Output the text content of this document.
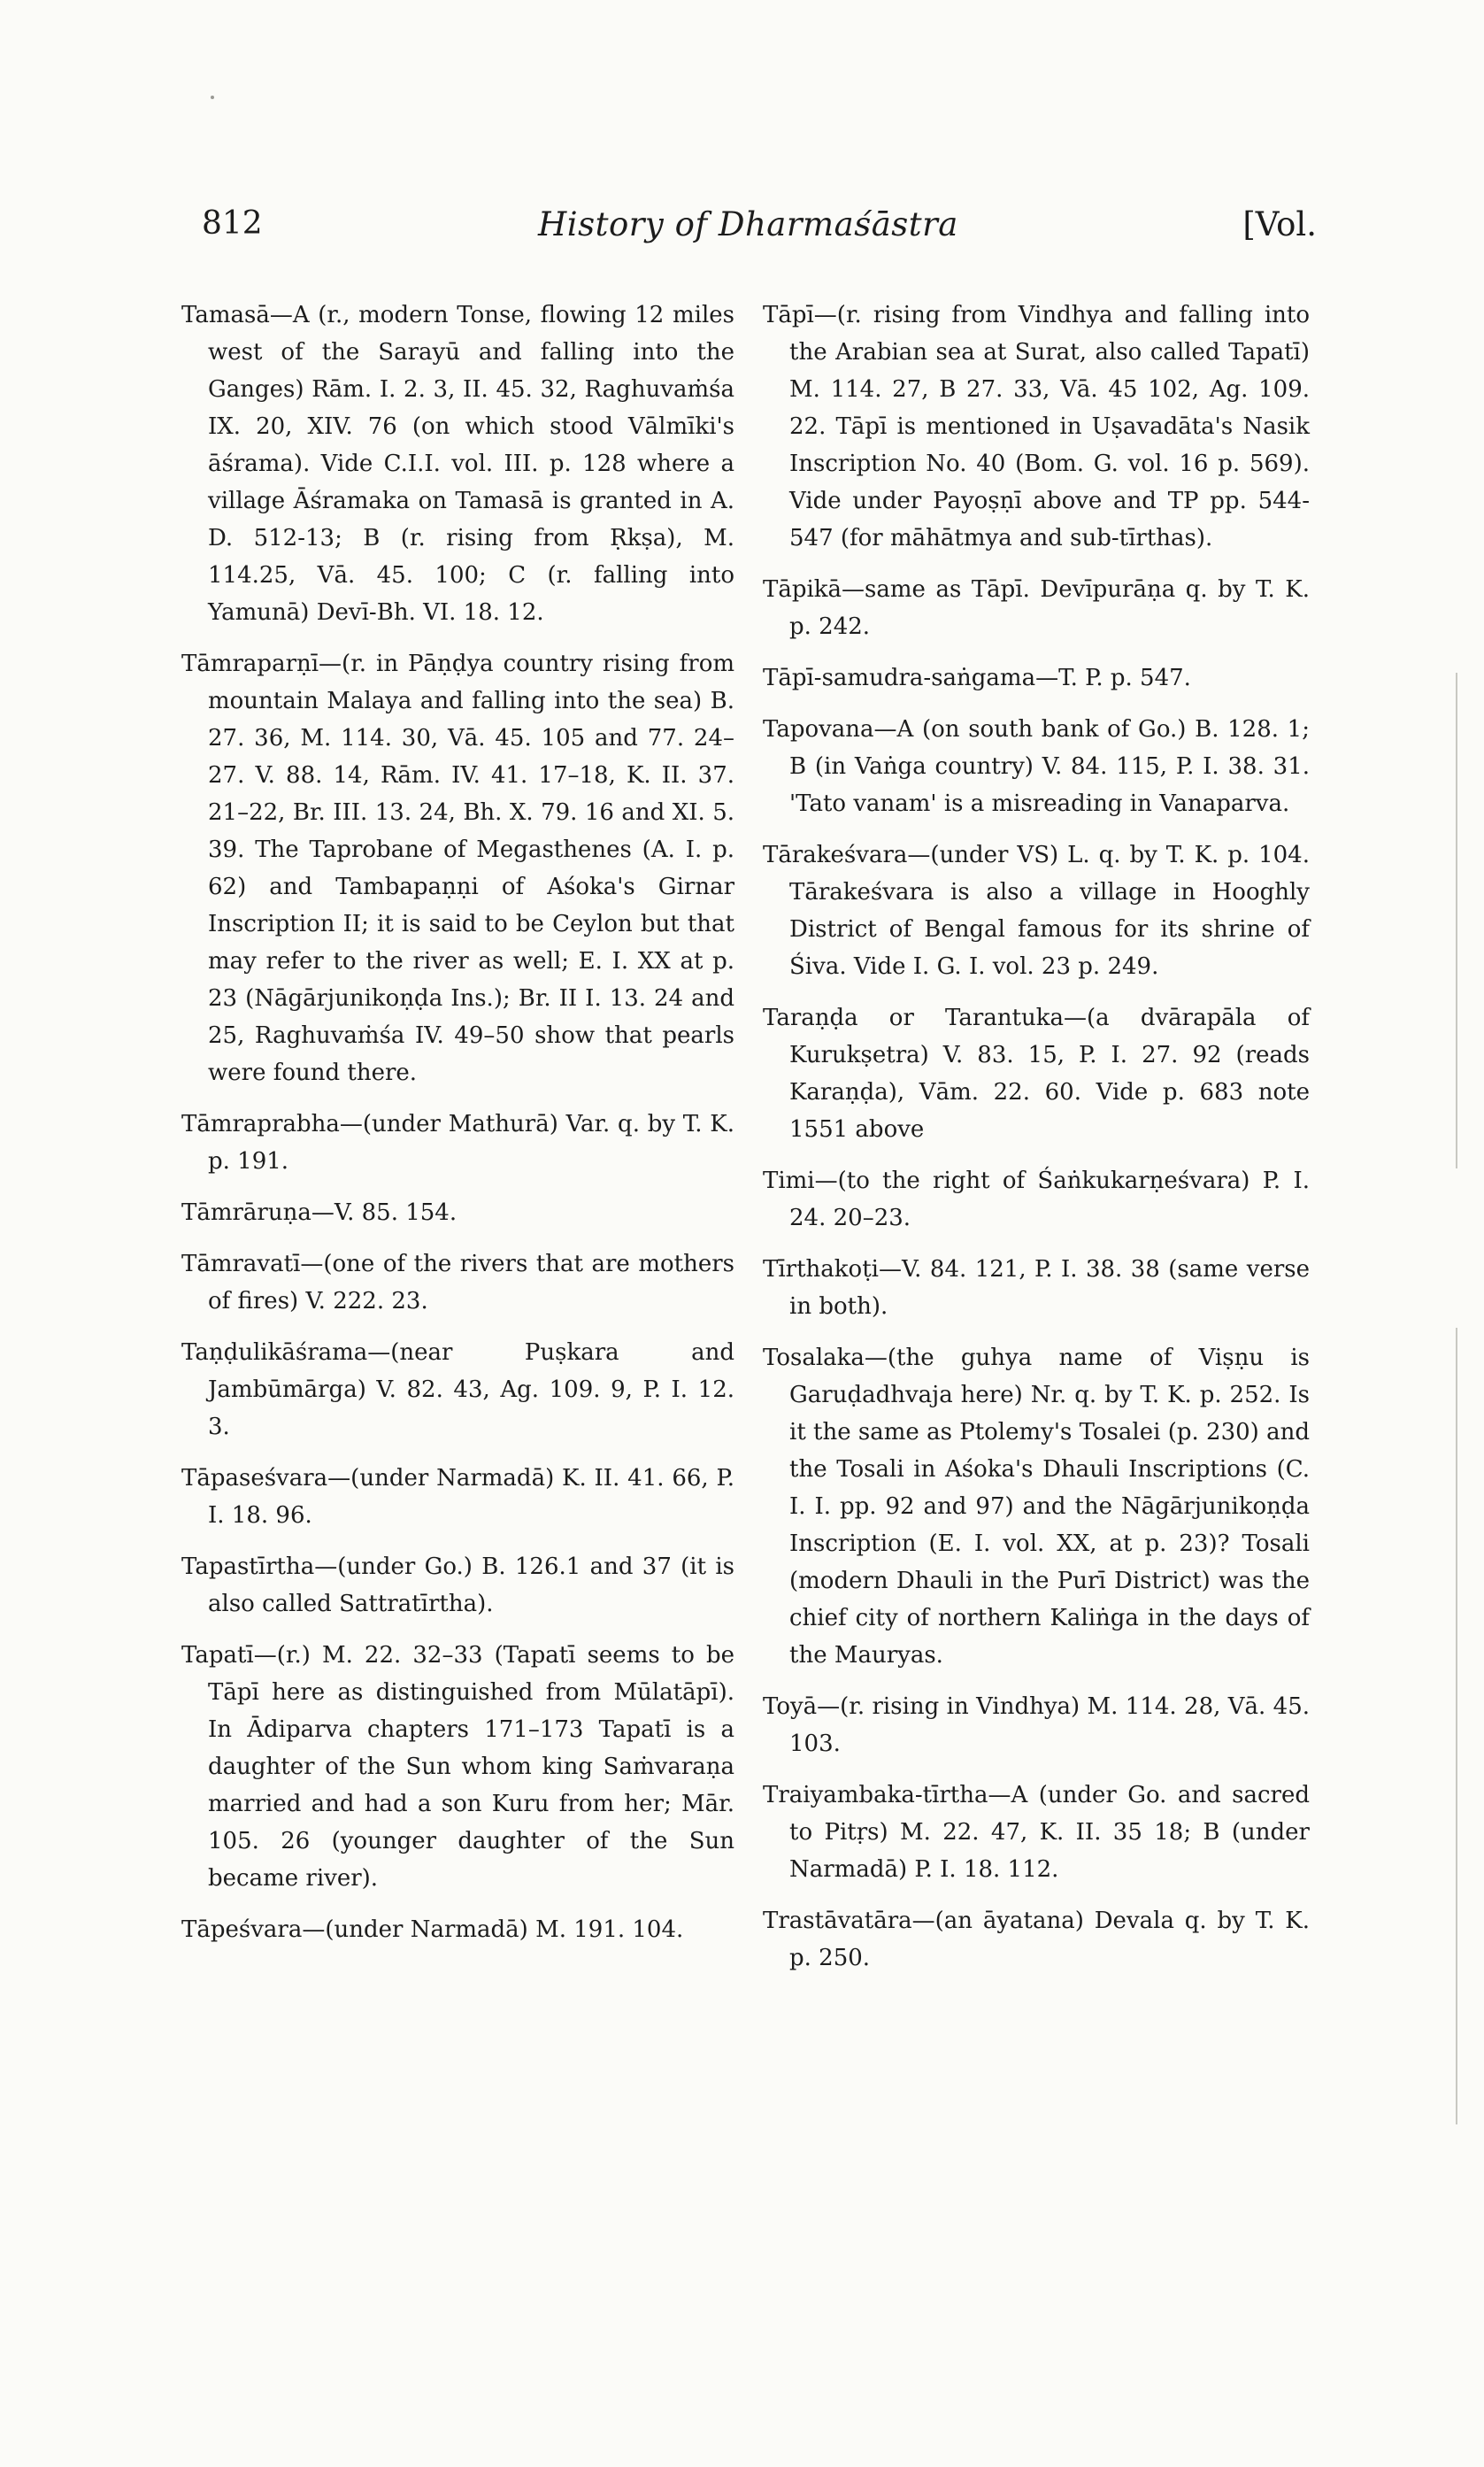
812	History of Dharmaśāstra	[Vol.

Tamasā—A (r., modern Tonse, flowing 12 miles west of the Sarayū and falling into the Ganges) Rām. I. 2. 3, II. 45. 32, Raghuvaṁśa IX. 20, XIV. 76 (on which stood Vālmīki's āśrama). Vide C.I.I. vol. III. p. 128 where a village Āśramaka on Tamasā is granted in A. D. 512-13; B (r. rising from Ṛkṣa), M. 114.25, Vā. 45. 100; C (r. falling into Yamunā) Devī-Bh. VI. 18. 12.

Tāmraparṇī—(r. in Pāṇḍya country rising from mountain Malaya and falling into the sea) B. 27. 36, M. 114. 30, Vā. 45. 105 and 77. 24–27. V. 88. 14, Rām. IV. 41. 17–18, K. II. 37. 21–22, Br. III. 13. 24, Bh. X. 79. 16 and XI. 5. 39. The Taprobane of Megasthenes (A. I. p. 62) and Tambapaṇṇi of Aśoka's Girnar Inscription II; it is said to be Ceylon but that may refer to the river as well; E. I. XX at p. 23 (Nāgārjunikoṇḍa Ins.); Br. II I. 13. 24 and 25, Raghuvaṁśa IV. 49–50 show that pearls were found there.

Tāmraprabha—(under Mathurā) Var. q. by T. K. p. 191.

Tāmrāruṇa—V. 85. 154.

Tāmravatī—(one of the rivers that are mothers of fires) V. 222. 23.

Taṇḍulikāśrama—(near Puṣkara and Jambūmārga) V. 82. 43, Ag. 109. 9, P. I. 12. 3.

Tāpaseśvara—(under Narmadā) K. II. 41. 66, P. I. 18. 96.

Tapastīrtha—(under Go.) B. 126.1 and 37 (it is also called Sattratīrtha).

Tapatī—(r.) M. 22. 32–33 (Tapatī seems to be Tāpī here as distinguished from Mūlatāpī). In Ādiparva chapters 171–173 Tapatī is a daughter of the Sun whom king Saṁvaraṇa married and had a son Kuru from her; Mār. 105. 26 (younger daughter of the Sun became river).

Tāpeśvara—(under Narmadā) M. 191. 104.

Tāpī—(r. rising from Vindhya and falling into the Arabian sea at Surat, also called Tapatī) M. 114. 27, B 27. 33, Vā. 45 102, Ag. 109. 22. Tāpī is mentioned in Uṣavadāta's Nasik Inscription No. 40 (Bom. G. vol. 16 p. 569). Vide under Payoṣṇī above and TP pp. 544-547 (for māhātmya and sub-tīrthas).

Tāpikā—same as Tāpī. Devīpurāṇa q. by T. K. p. 242.

Tāpī-samudra-saṅgama—T. P. p. 547.

Tapovana—A (on south bank of Go.) B. 128. 1; B (in Vaṅga country) V. 84. 115, P. I. 38. 31. 'Tato vanam' is a misreading in Vanaparva.

Tārakeśvara—(under VS) L. q. by T. K. p. 104. Tārakeśvara is also a village in Hooghly District of Bengal famous for its shrine of Śiva. Vide I. G. I. vol. 23 p. 249.

Taraṇḍa or Tarantuka—(a dvārapāla of Kurukṣetra) V. 83. 15, P. I. 27. 92 (reads Karaṇḍa), Vām. 22. 60. Vide p. 683 note 1551 above

Timi—(to the right of Śaṅkukarṇeśvara) P. I. 24. 20–23.

Tīrthakoṭi—V. 84. 121, P. I. 38. 38 (same verse in both).

Tosalaka—(the guhya name of Viṣṇu is Garuḍadhvaja here) Nr. q. by T. K. p. 252. Is it the same as Ptolemy's Tosalei (p. 230) and the Tosali in Aśoka's Dhauli Inscriptions (C. I. I. pp. 92 and 97) and the Nāgārjunikoṇḍa Inscription (E. I. vol. XX, at p. 23)? Tosali (modern Dhauli in the Purī District) was the chief city of northern Kaliṅga in the days of the Mauryas.

Toyā—(r. rising in Vindhya) M. 114. 28, Vā. 45. 103.

Traiyambaka-tīrtha—A (under Go. and sacred to Pitṛs) M. 22. 47, K. II. 35 18; B (under Narmadā) P. I. 18. 112.

Trastāvatāra—(an āyatana) Devala q. by T. K. p. 250.
